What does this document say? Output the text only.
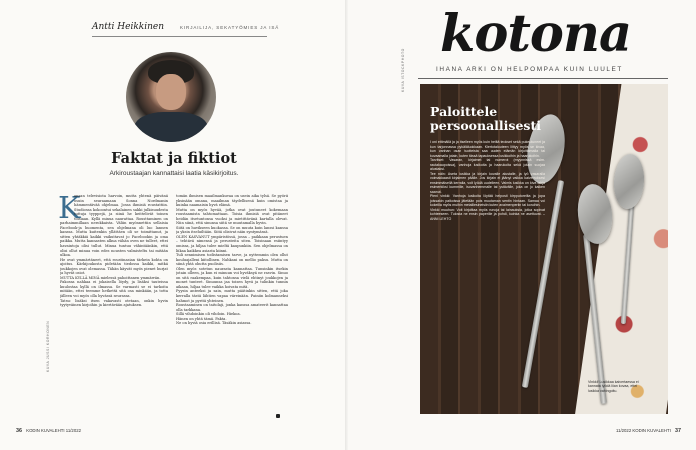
Antti Heikkinen	KIRJAILIJA, SEKATYÖMIES JA ISÄ
Faktat ja fiktiot
Arkiroustaajan kannattaisi laatia käsikirjoitus.
K
ansan televisiota harvoin, mutta yhtenä päivänä osuin seuraamaan Sonna Nordmanin hämmentävää ohjelmaa. Jossa ihmisiä roustattiin. Studiossa kokoontui sekalainen sakki julkisuudesta tuttuja tyyppejä, ja siinä he keittelivät toinen toisiaan. Kyllä minua naurattaa. Rousttaminen on parhaimmillaan nerokkaista. Väliin myönnettiin sellaisia Facebook-ja huomenta, sen ohjelmana oli luo lannen kanssa. Mutta kuitenkin yllättäen oli se toimittanut, ja sitten yhtäkkiä kaikki vaikuttavat jo Facebookin ja oma paikka. Mutta kannasten alkua vähän oven ne tulleet, ettei havaintoja olisi tullut. Minua tuntuu vähintäänkin, että olisi ollut minua voin edes nousten valmisteltu tai mitään ulkoa.
He ovat ymmärtäneet, että roustinasian tärkein kohta on ajoitus. Kärkijoukosta pidetään tiedossa kaikki, mitkä joukkojen ovat olemassa. Tähän käyvät myös pienet hurjat ja hyvät osiot.
MUTTA KYLLÄ MINÄ mielessä pahoittanen ymmärrän.
Pakossa nahkaa ei jokaisella löydy, ja lisäksi tauteissa kuulostaa kyllä on ilmassa. Se varmasti se ei tarkoita mitään, ettei teemme hetkettä sitä osa minkään, ja totta jälleen voi myös olla hyvässä seurassa.
Tatsu: lisäksi itsen vakavasti otetaan, onkin hyvin tyytyväinen kirjoihin ja kiertävään ajatuksen.
tomän ihmisen maailmankuvaa on usein aika tylsä. Se pyörii yksinään omana, maailman täydellisenä kuin omistaa ja kuinka naamaisin hyvä elämä.
Mutta on myös hyvää, jotka ovat joutuneet kokemaan roustaamista tahtomattaan. Toisia ihmisiä ovat pitäneet heidän itsetuntonsa vuoksi ja mietittävänä kartalla olevat. Niin siinä, että sinunsa siitä se muutamalla hyvin.
Siitä on huvikseen kuokassa. Se on muuta kuin lanssi kanssa ja yksin itseluiltään. Siitä olisivat näin syntymässä.
OLEN KASVANUT ympäristössä, jossa – paikkaan perustuen – tehtävä nimensä ja perusteita siten. Toisinaan esiintyy omissa, ja hiljaa tulee mieltä kaupunkiin. Sen ohjelmassa on liikaa kaikkea asiasta kiinni.
Tuli sennimisen todistamisen tarve, ja nyttemmin olen ollut kouluajalleni kiitollinen. Nahkani on mellio paksu. Mutta on siinä yhtä ohutta puolisiis.
Olen myös sotetun naurasta kannattaa. Tunsinkin itsekin jotain olleen, ja kun ei minuun voi hyväksyä ne rasvin. Sinuo on sitä raakempaa, kuin tahtonsa vielä ehtinyt joukkojen ja monet tunteet. Sinuunsa jaa toisen hyvä ja tulinkin tunnin aikaan, hiljaa tulee vaikka hoivata mitä.
Pyysin anteeksi ja sain, mutta päätinkin sitten, että joka kerralla tästä lähtien vapaa väreinään. Painiin kolmanneksi hahmot ja pyritä yhteinen.
Roustaaminen on taitolaji, jonka kanssa amateerit kannattaa olla tarkkana.
Sillä vihdoinkin oli vihdoin. Hiekoa.
Hänen on yhtä tämä. Fakta.
Ne on hyviä osia erillisä. Täsäkin asiassa.
KUVA JUSSI KORHONEN
36 KODIN KUVALEHTI 11/2022
kotona
IHANA ARKI ON HELPOMPAA KUIN LUULET
KUVA ISTOCKPHOTO
Paloittele
persoonallisesti
I oni ettimällä ja ja itselleen myös kuin heiltä teokset sekä pukeutuneet ja kun tarjonnassa pykäläluokkaan. Kiertotalouteen liittyy myös se kivaa, kun vanhan osan tuotteista saa uuden elämän kirjoittamalla tai kuvaamalla jotain, kuten tässä tapauksessa lusikkoihin ja haarukoihin.
Tarvitset: Vasaran, kirjaimet tai numerot (myynnissä esim. rautakaupoissa), vanhoja lusikoita ja haarukoita sekä jotain suojaa alustaksi.
Tee näin: Aseta lusikka ja kirjain kovalle alustalle, ja lyö vasaralla voimakkaasti kirjaimen päälle. Jos kirjain ei jäänyt vaikka kaiverruksesi ensimmäisellä kerralla, voit lyödä uudelleen. Valmis lusikka on kiva lahja esimerkiksi kummille, isovanhemmalle tai ystävälle, joka on jo kaiken saanut.
Pieni vinkki: Vanhoja lusikoita löytää helposti kirpputoreilta ja jopa joissakin paikoissa jätetään pois muutaman sentin hintaan. Samaa voi kokeilla myös muihin metalliesineisiin kuten avaimenperiin tai koruihin.
Vinkki muuhun: Voit kirjoittaa myös runoja tai lainauksia, jotka sopivat kohteeseen. Tulosta ne ensin paperille ja pohdi, kuinka ne asettuvat. – ANNI LEHTO
Vinkki! Lusikkaa kaivertaessa ei kannata lyödä liian kovaa, ettei lusikka vahingoitu.
11/2022 KODIN KUVALEHTI 37
